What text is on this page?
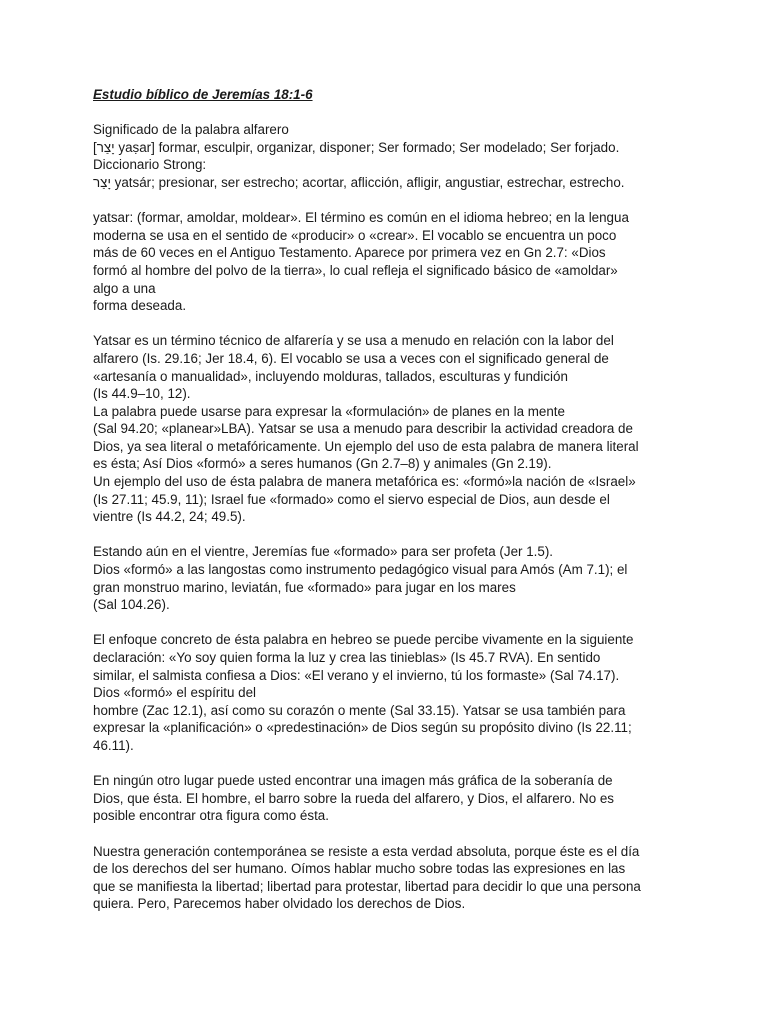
Estudio bíblico de Jeremías 18:1-6
Significado de la palabra alfarero
[יָצַר yaṣar] formar, esculpir, organizar, disponer; Ser formado; Ser modelado; Ser forjado.
Diccionario Strong:
יָצַר yatsár; presionar, ser estrecho; acortar, aflicción, afligir, angustiar, estrechar, estrecho.
yatsar: (formar, amoldar, moldear». El término es común en el idioma hebreo; en la lengua
moderna se usa en el sentido de «producir» o «crear». El vocablo se encuentra un poco
más de 60 veces en el Antiguo Testamento. Aparece por primera vez en Gn 2.7: «Dios
formó al hombre del polvo de la tierra», lo cual refleja el significado básico de «amoldar»
algo a una
forma deseada.
Yatsar es un término técnico de alfarería y se usa a menudo en relación con la labor del
alfarero (Is. 29.16; Jer 18.4, 6). El vocablo se usa a veces con el significado general de
«artesanía o manualidad», incluyendo molduras, tallados, esculturas y fundición
(Is 44.9–10, 12).
La palabra puede usarse para expresar la «formulación» de planes en la mente
(Sal 94.20; «planear»LBA). Yatsar se usa a menudo para describir la actividad creadora de
Dios, ya sea literal o metafóricamente. Un ejemplo del uso de esta palabra de manera literal
es ésta; Así Dios «formó» a seres humanos (Gn 2.7–8) y animales (Gn 2.19).
Un ejemplo del uso de ésta palabra de manera metafórica es: «formó»la nación de «Israel»
(Is 27.11; 45.9, 11); Israel fue «formado» como el siervo especial de Dios, aun desde el
vientre (Is 44.2, 24; 49.5).
Estando aún en el vientre, Jeremías fue «formado» para ser profeta (Jer 1.5).
Dios «formó» a las langostas como instrumento pedagógico visual para Amós (Am 7.1); el
gran monstruo marino, leviatán, fue «formado» para jugar en los mares
(Sal 104.26).
El enfoque concreto de ésta palabra en hebreo se puede percibe vivamente en la siguiente
declaración: «Yo soy quien forma la luz y crea las tinieblas» (Is 45.7 RVA). En sentido
similar, el salmista confiesa a Dios: «El verano y el invierno, tú los formaste» (Sal 74.17).
Dios «formó» el espíritu del
hombre (Zac 12.1), así como su corazón o mente (Sal 33.15). Yatsar se usa también para
expresar la «planificación» o «predestinación» de Dios según su propósito divino (Is 22.11;
46.11).
En ningún otro lugar puede usted encontrar una imagen más gráfica de la soberanía de
Dios, que ésta. El hombre, el barro sobre la rueda del alfarero, y Dios, el alfarero. No es
posible encontrar otra figura como ésta.
Nuestra generación contemporánea se resiste a esta verdad absoluta, porque éste es el día
de los derechos del ser humano. Oímos hablar mucho sobre todas las expresiones en las
que se manifiesta la libertad; libertad para protestar, libertad para decidir lo que una persona
quiera. Pero, Parecemos haber olvidado los derechos de Dios.
